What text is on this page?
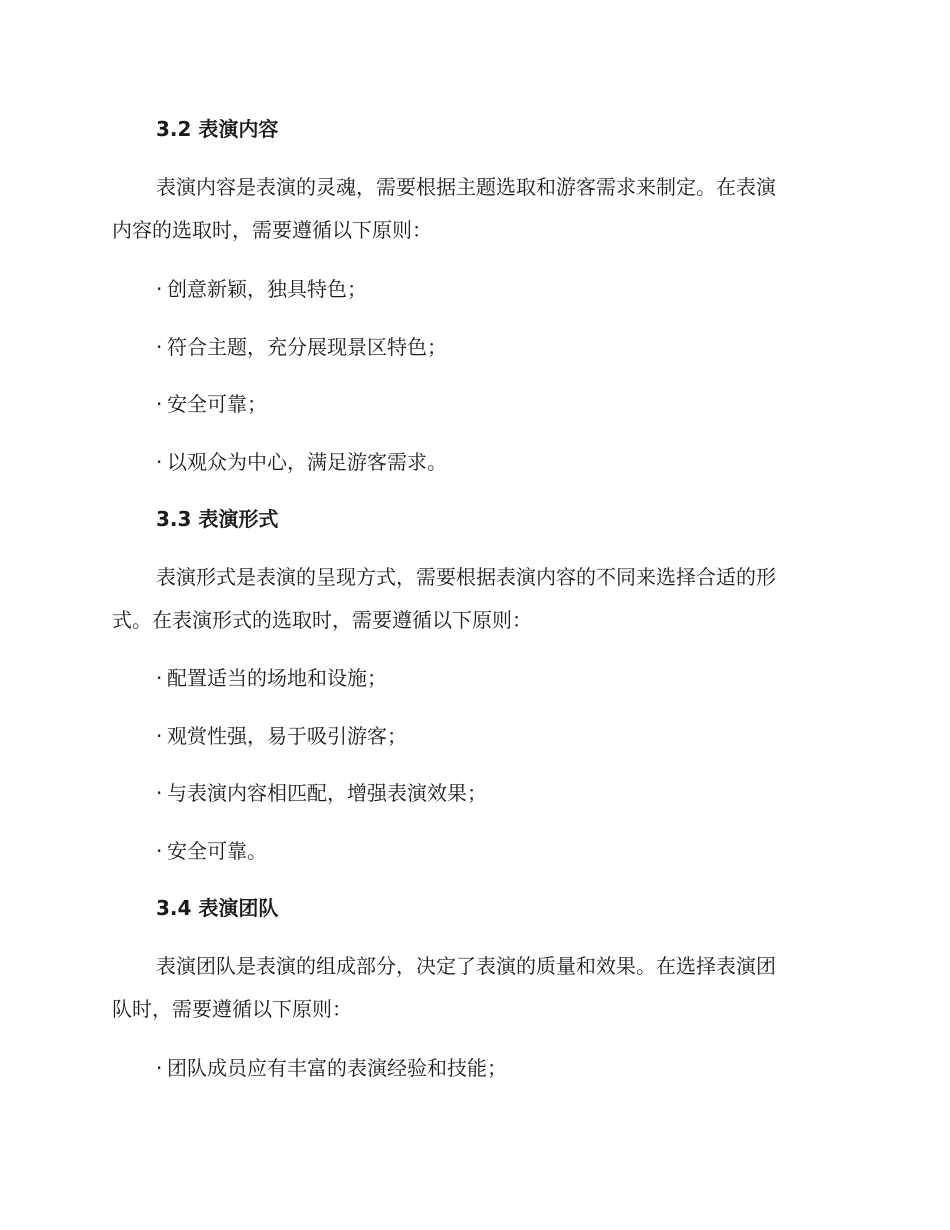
3.2 表演内容
表演内容是表演的灵魂，需要根据主题选取和游客需求来制定。在表演
内容的选取时，需要遵循以下原则：
· 创意新颖，独具特色；
· 符合主题，充分展现景区特色；
· 安全可靠；
· 以观众为中心，满足游客需求。
3.3 表演形式
表演形式是表演的呈现方式，需要根据表演内容的不同来选择合适的形
式。在表演形式的选取时，需要遵循以下原则：
· 配置适当的场地和设施；
· 观赏性强，易于吸引游客；
· 与表演内容相匹配，增强表演效果；
· 安全可靠。
3.4 表演团队
表演团队是表演的组成部分，决定了表演的质量和效果。在选择表演团
队时，需要遵循以下原则：
· 团队成员应有丰富的表演经验和技能；
